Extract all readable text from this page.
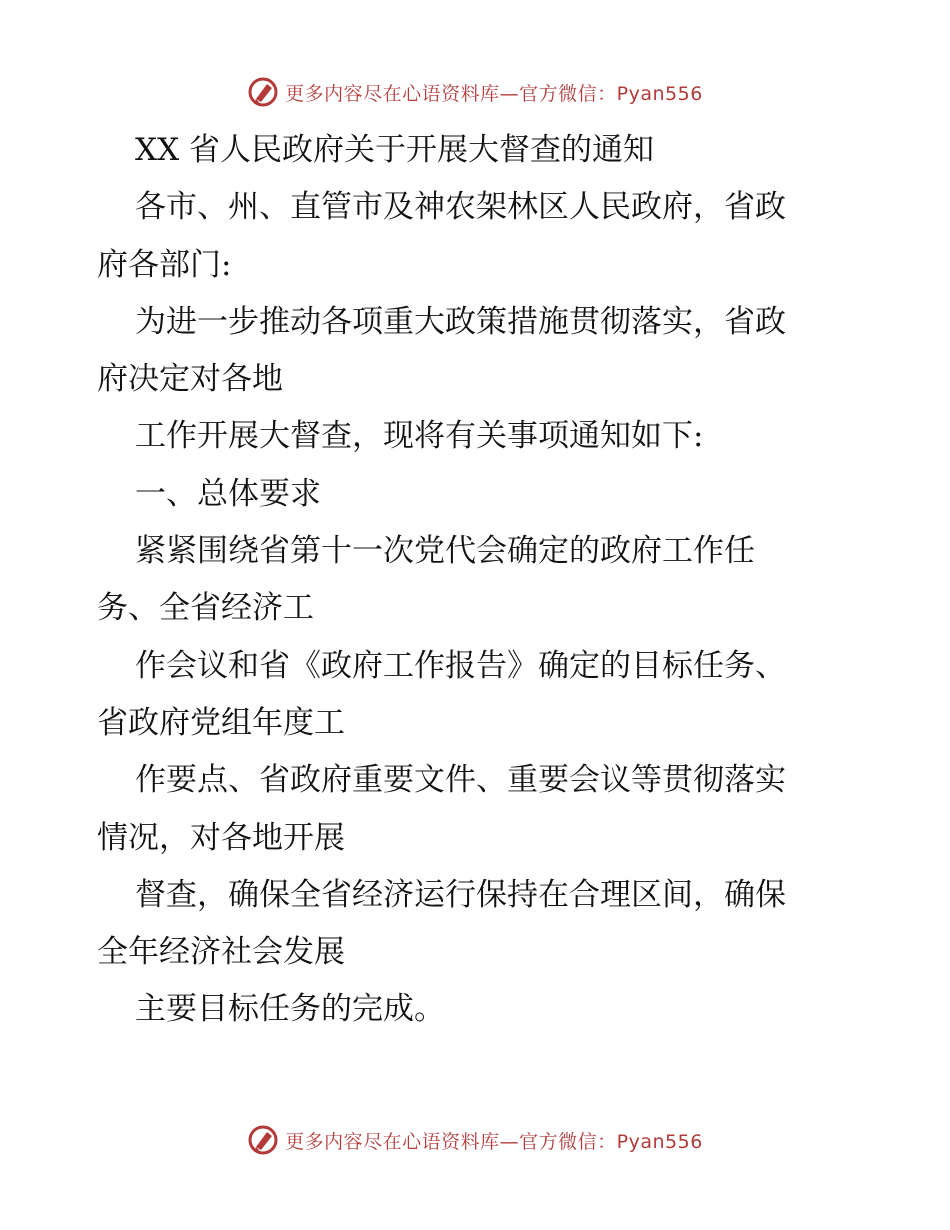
更多内容尽在心语资料库—官方微信：Pyan556

XX 省人民政府关于开展大督查的通知

各市、州、直管市及神农架林区人民政府，省政

府各部门:

为进一步推动各项重大政策措施贯彻落实，省政

府决定对各地

工作开展大督查，现将有关事项通知如下:

一、总体要求

紧紧围绕省第十一次党代会确定的政府工作任

务、全省经济工

作会议和省《政府工作报告》确定的目标任务、

省政府党组年度工

作要点、省政府重要文件、重要会议等贯彻落实

情况，对各地开展

督查，确保全省经济运行保持在合理区间，确保

全年经济社会发展

主要目标任务的完成。

更多内容尽在心语资料库—官方微信：Pyan556
